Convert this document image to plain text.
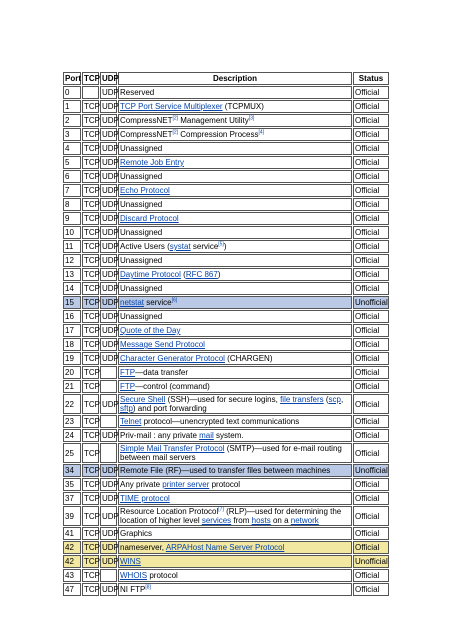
Port	TCP	UDP	Description	Status
0		UDP	Reserved	Official
1	TCP	UDP	TCP Port Service Multiplexer (TCPMUX)	Official
2	TCP	UDP	CompressNET[2] Management Utility[3]	Official
3	TCP	UDP	CompressNET[2] Compression Process[4]	Official
4	TCP	UDP	Unassigned	Official
5	TCP	UDP	Remote Job Entry	Official
6	TCP	UDP	Unassigned	Official
7	TCP	UDP	Echo Protocol	Official
8	TCP	UDP	Unassigned	Official
9	TCP	UDP	Discard Protocol	Official
10	TCP	UDP	Unassigned	Official
11	TCP	UDP	Active Users (systat service[5])	Official
12	TCP	UDP	Unassigned	Official
13	TCP	UDP	Daytime Protocol (RFC 867)	Official
14	TCP	UDP	Unassigned	Official
15	TCP	UDP	netstat service[6]	Unofficial
16	TCP	UDP	Unassigned	Official
17	TCP	UDP	Quote of the Day	Official
18	TCP	UDP	Message Send Protocol	Official
19	TCP	UDP	Character Generator Protocol (CHARGEN)	Official
20	TCP		FTP—data transfer	Official
21	TCP		FTP—control (command)	Official
22	TCP	UDP	Secure Shell (SSH)—used for secure logins, file transfers (scp, sftp) and port forwarding	Official
23	TCP		Telnet protocol—unencrypted text communications	Official
24	TCP	UDP	Priv-mail : any private mail system.	Official
25	TCP		Simple Mail Transfer Protocol (SMTP)—used for e-mail routing between mail servers	Official
34	TCP	UDP	Remote File (RF)—used to transfer files between machines	Unofficial
35	TCP	UDP	Any private printer server protocol	Official
37	TCP	UDP	TIME protocol	Official
39	TCP	UDP	Resource Location Protocol[7] (RLP)—used for determining the location of higher level services from hosts on a network	Official
41	TCP	UDP	Graphics	Official
42	TCP	UDP	nameserver, ARPAHost Name Server Protocol	Official
42	TCP	UDP	WINS	Unofficial
43	TCP		WHOIS protocol	Official
47	TCP	UDP	NI FTP[8]	Official
